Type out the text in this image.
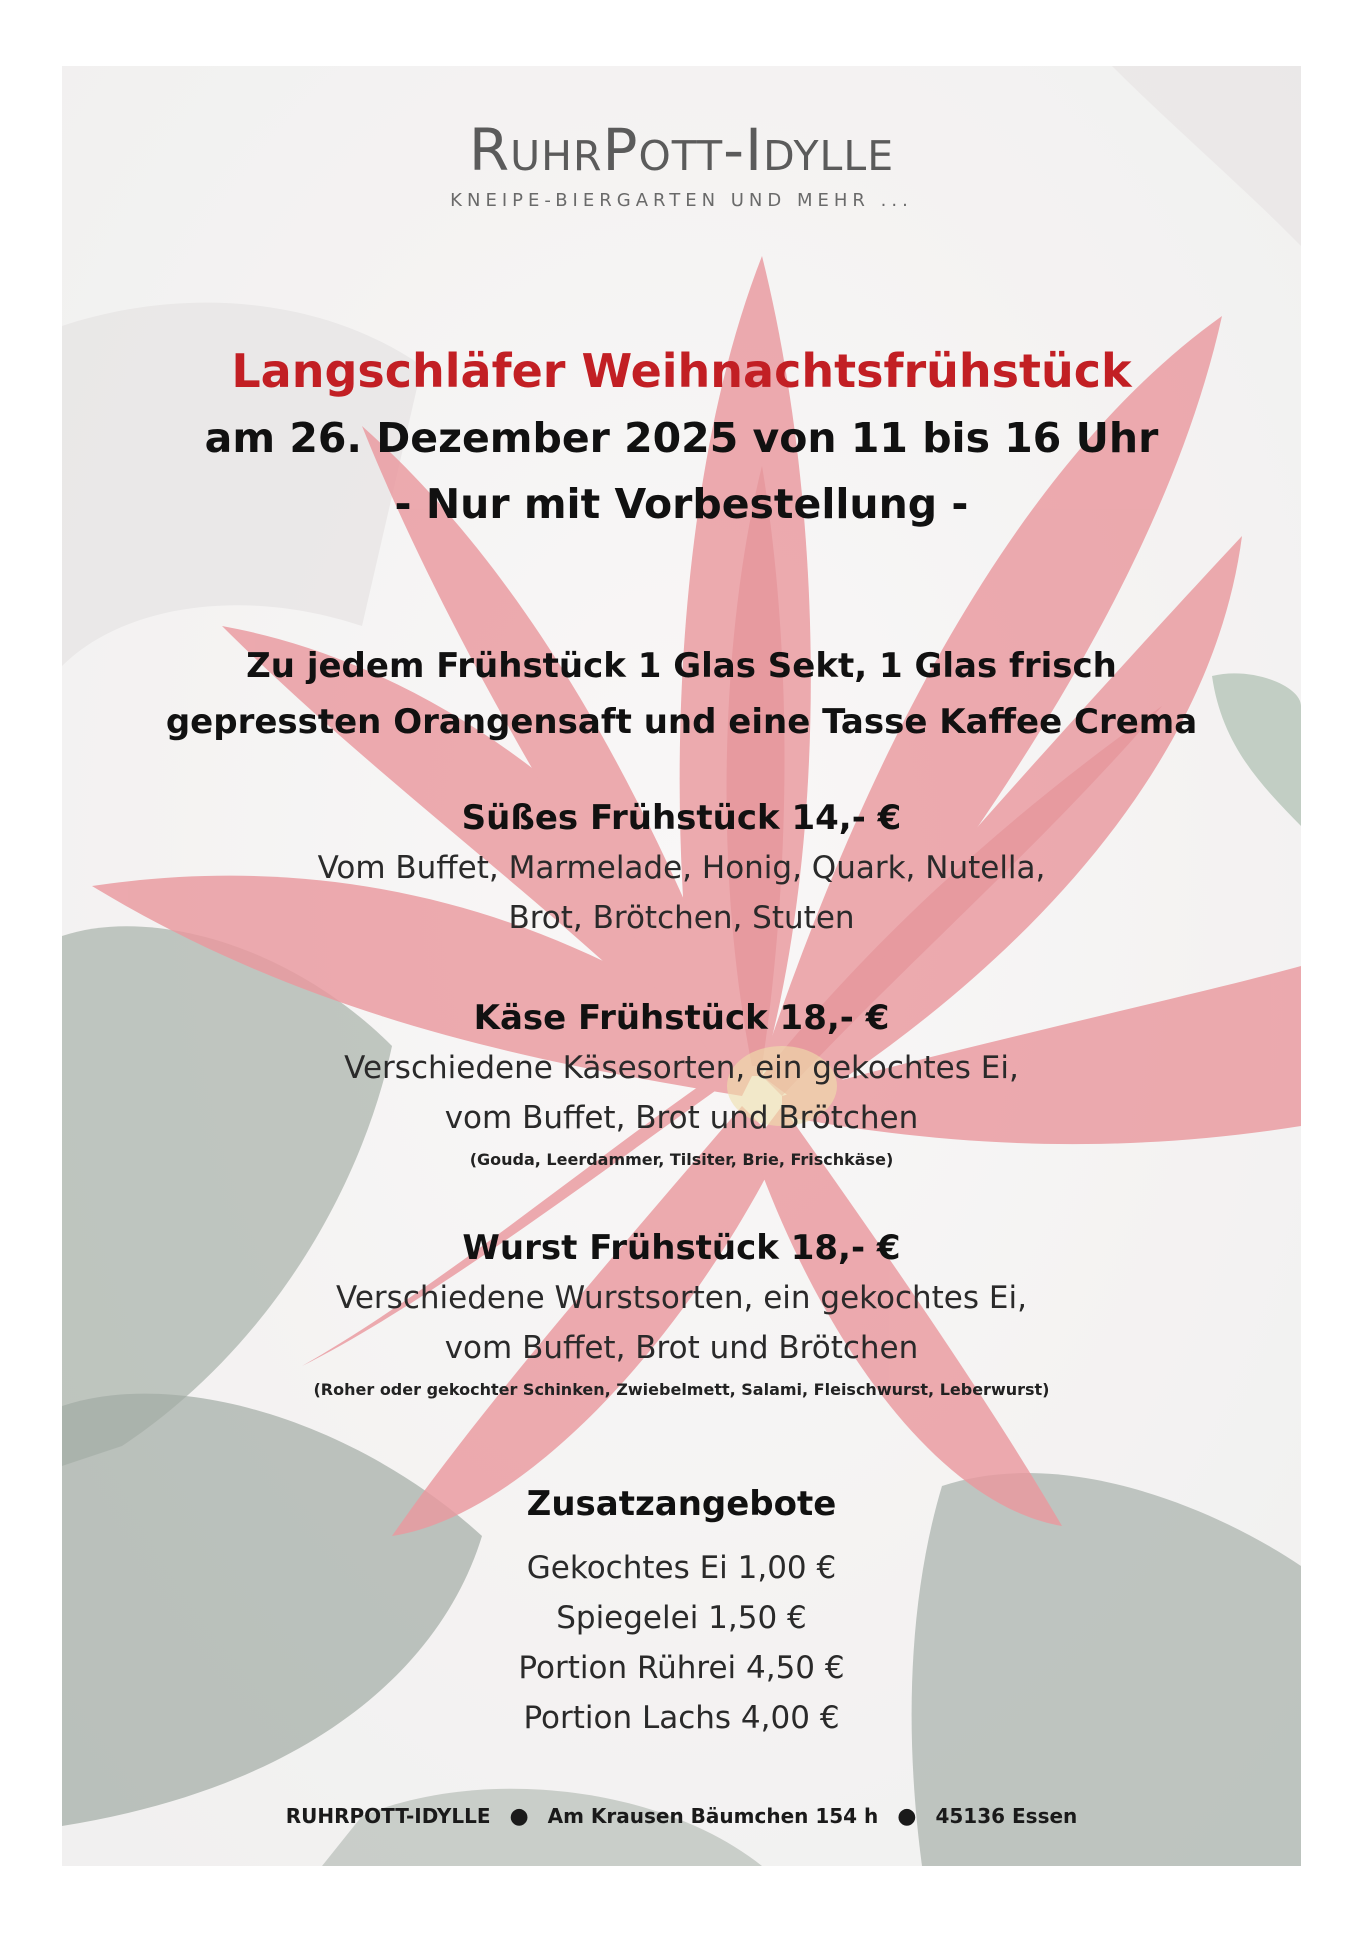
RuhrPott-Idylle
KNEIPE-BIERGARTEN UND MEHR ...
Langschläfer Weihnachtsfrühstück
am 26. Dezember 2025 von 11 bis 16 Uhr
- Nur mit Vorbestellung -
Zu jedem Frühstück 1 Glas Sekt, 1 Glas frisch
gepressten Orangensaft und eine Tasse Kaffee Crema
Süßes Frühstück 14,- €
Vom Buffet, Marmelade, Honig, Quark, Nutella,
Brot, Brötchen, Stuten
Käse Frühstück 18,- €
Verschiedene Käsesorten, ein gekochtes Ei,
vom Buffet, Brot und Brötchen
(Gouda, Leerdammer, Tilsiter, Brie, Frischkäse)
Wurst Frühstück 18,- €
Verschiedene Wurstsorten, ein gekochtes Ei,
vom Buffet, Brot und Brötchen
(Roher oder gekochter Schinken, Zwiebelmett, Salami, Fleischwurst, Leberwurst)
Zusatzangebote
Gekochtes Ei 1,00 €
Spiegelei 1,50 €
Portion Rührei 4,50 €
Portion Lachs 4,00 €
RUHRPOTT-IDYLLE ● Am Krausen Bäumchen 154 h ● 45136 Essen
